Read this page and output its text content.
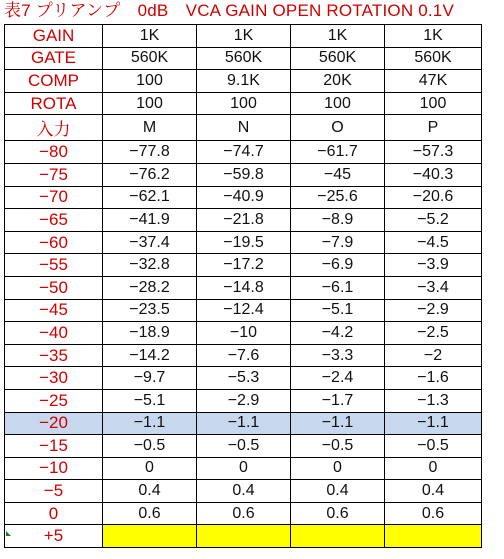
表7 プリアンプ　0dB　VCA GAIN OPEN ROTATION 0.1V
GAIN	1K	1K	1K	1K
GATE	560K	560K	560K	560K
COMP	100	9.1K	20K	47K
ROTA	100	100	100	100
入力	M	N	O	P
−80	−77.8	−74.7	−61.7	−57.3
−75	−76.2	−59.8	−45	−40.3
−70	−62.1	−40.9	−25.6	−20.6
−65	−41.9	−21.8	−8.9	−5.2
−60	−37.4	−19.5	−7.9	−4.5
−55	−32.8	−17.2	−6.9	−3.9
−50	−28.2	−14.8	−6.1	−3.4
−45	−23.5	−12.4	−5.1	−2.9
−40	−18.9	−10	−4.2	−2.5
−35	−14.2	−7.6	−3.3	−2
−30	−9.7	−5.3	−2.4	−1.6
−25	−5.1	−2.9	−1.7	−1.3
−20	−1.1	−1.1	−1.1	−1.1
−15	−0.5	−0.5	−0.5	−0.5
−10	0	0	0	0
−5	0.4	0.4	0.4	0.4
0	0.6	0.6	0.6	0.6
+5				
